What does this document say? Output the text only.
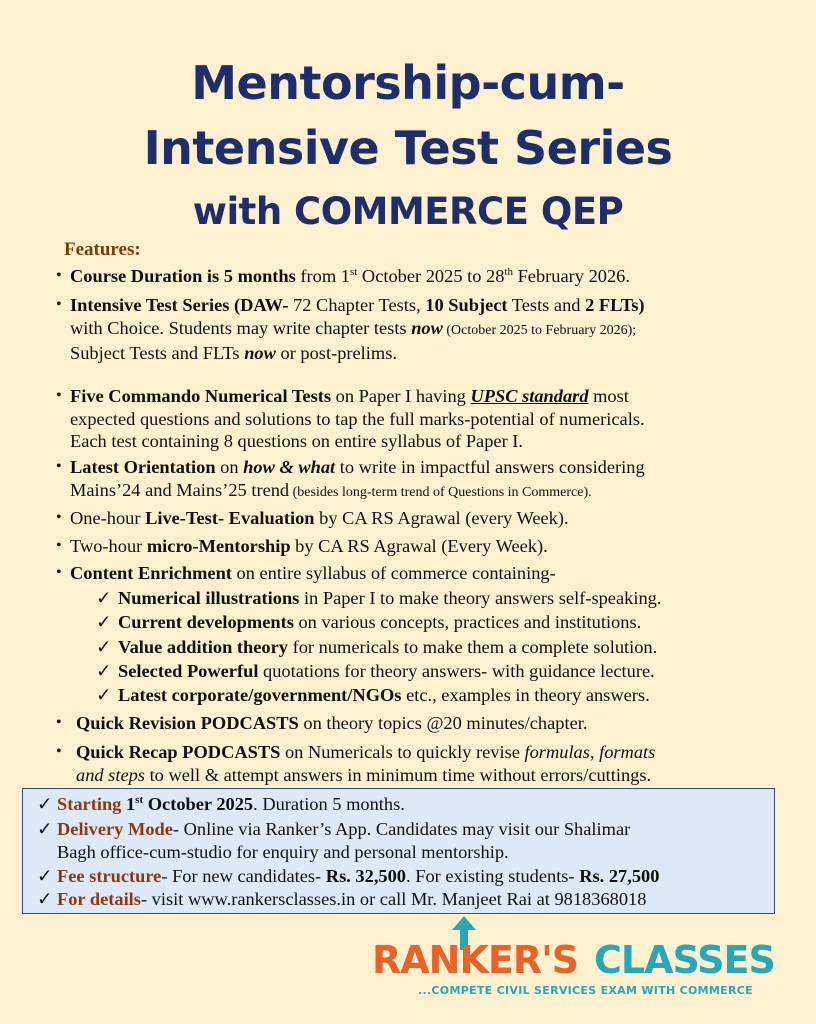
Mentorship-cum-
Intensive Test Series
with COMMERCE QEP
Features:
• Course Duration is 5 months from 1st October 2025 to 28th February 2026.
• Intensive Test Series (DAW- 72 Chapter Tests, 10 Subject Tests and 2 FLTs)
with Choice. Students may write chapter tests now (October 2025 to February 2026);
Subject Tests and FLTs now or post-prelims.
• Five Commando Numerical Tests on Paper I having UPSC standard most
expected questions and solutions to tap the full marks-potential of numericals.
Each test containing 8 questions on entire syllabus of Paper I.
• Latest Orientation on how & what to write in impactful answers considering
Mains’24 and Mains’25 trend (besides long-term trend of Questions in Commerce).
• One-hour Live-Test- Evaluation by CA RS Agrawal (every Week).
• Two-hour micro-Mentorship by CA RS Agrawal (Every Week).
• Content Enrichment on entire syllabus of commerce containing-
✓ Numerical illustrations in Paper I to make theory answers self-speaking.
✓ Current developments on various concepts, practices and institutions.
✓ Value addition theory for numericals to make them a complete solution.
✓ Selected Powerful quotations for theory answers- with guidance lecture.
✓ Latest corporate/government/NGOs etc., examples in theory answers.
• Quick Revision PODCASTS on theory topics @20 minutes/chapter.
• Quick Recap PODCASTS on Numericals to quickly revise formulas, formats
and steps to well & attempt answers in minimum time without errors/cuttings.
✓ Starting 1st October 2025. Duration 5 months.
✓ Delivery Mode- Online via Ranker’s App. Candidates may visit our Shalimar
Bagh office-cum-studio for enquiry and personal mentorship.
✓ Fee structure- For new candidates- Rs. 32,500. For existing students- Rs. 27,500
✓ For details- visit www.rankersclasses.in or call Mr. Manjeet Rai at 9818368018
RANKER'S CLASSES
...COMPETE CIVIL SERVICES EXAM WITH COMMERCE
